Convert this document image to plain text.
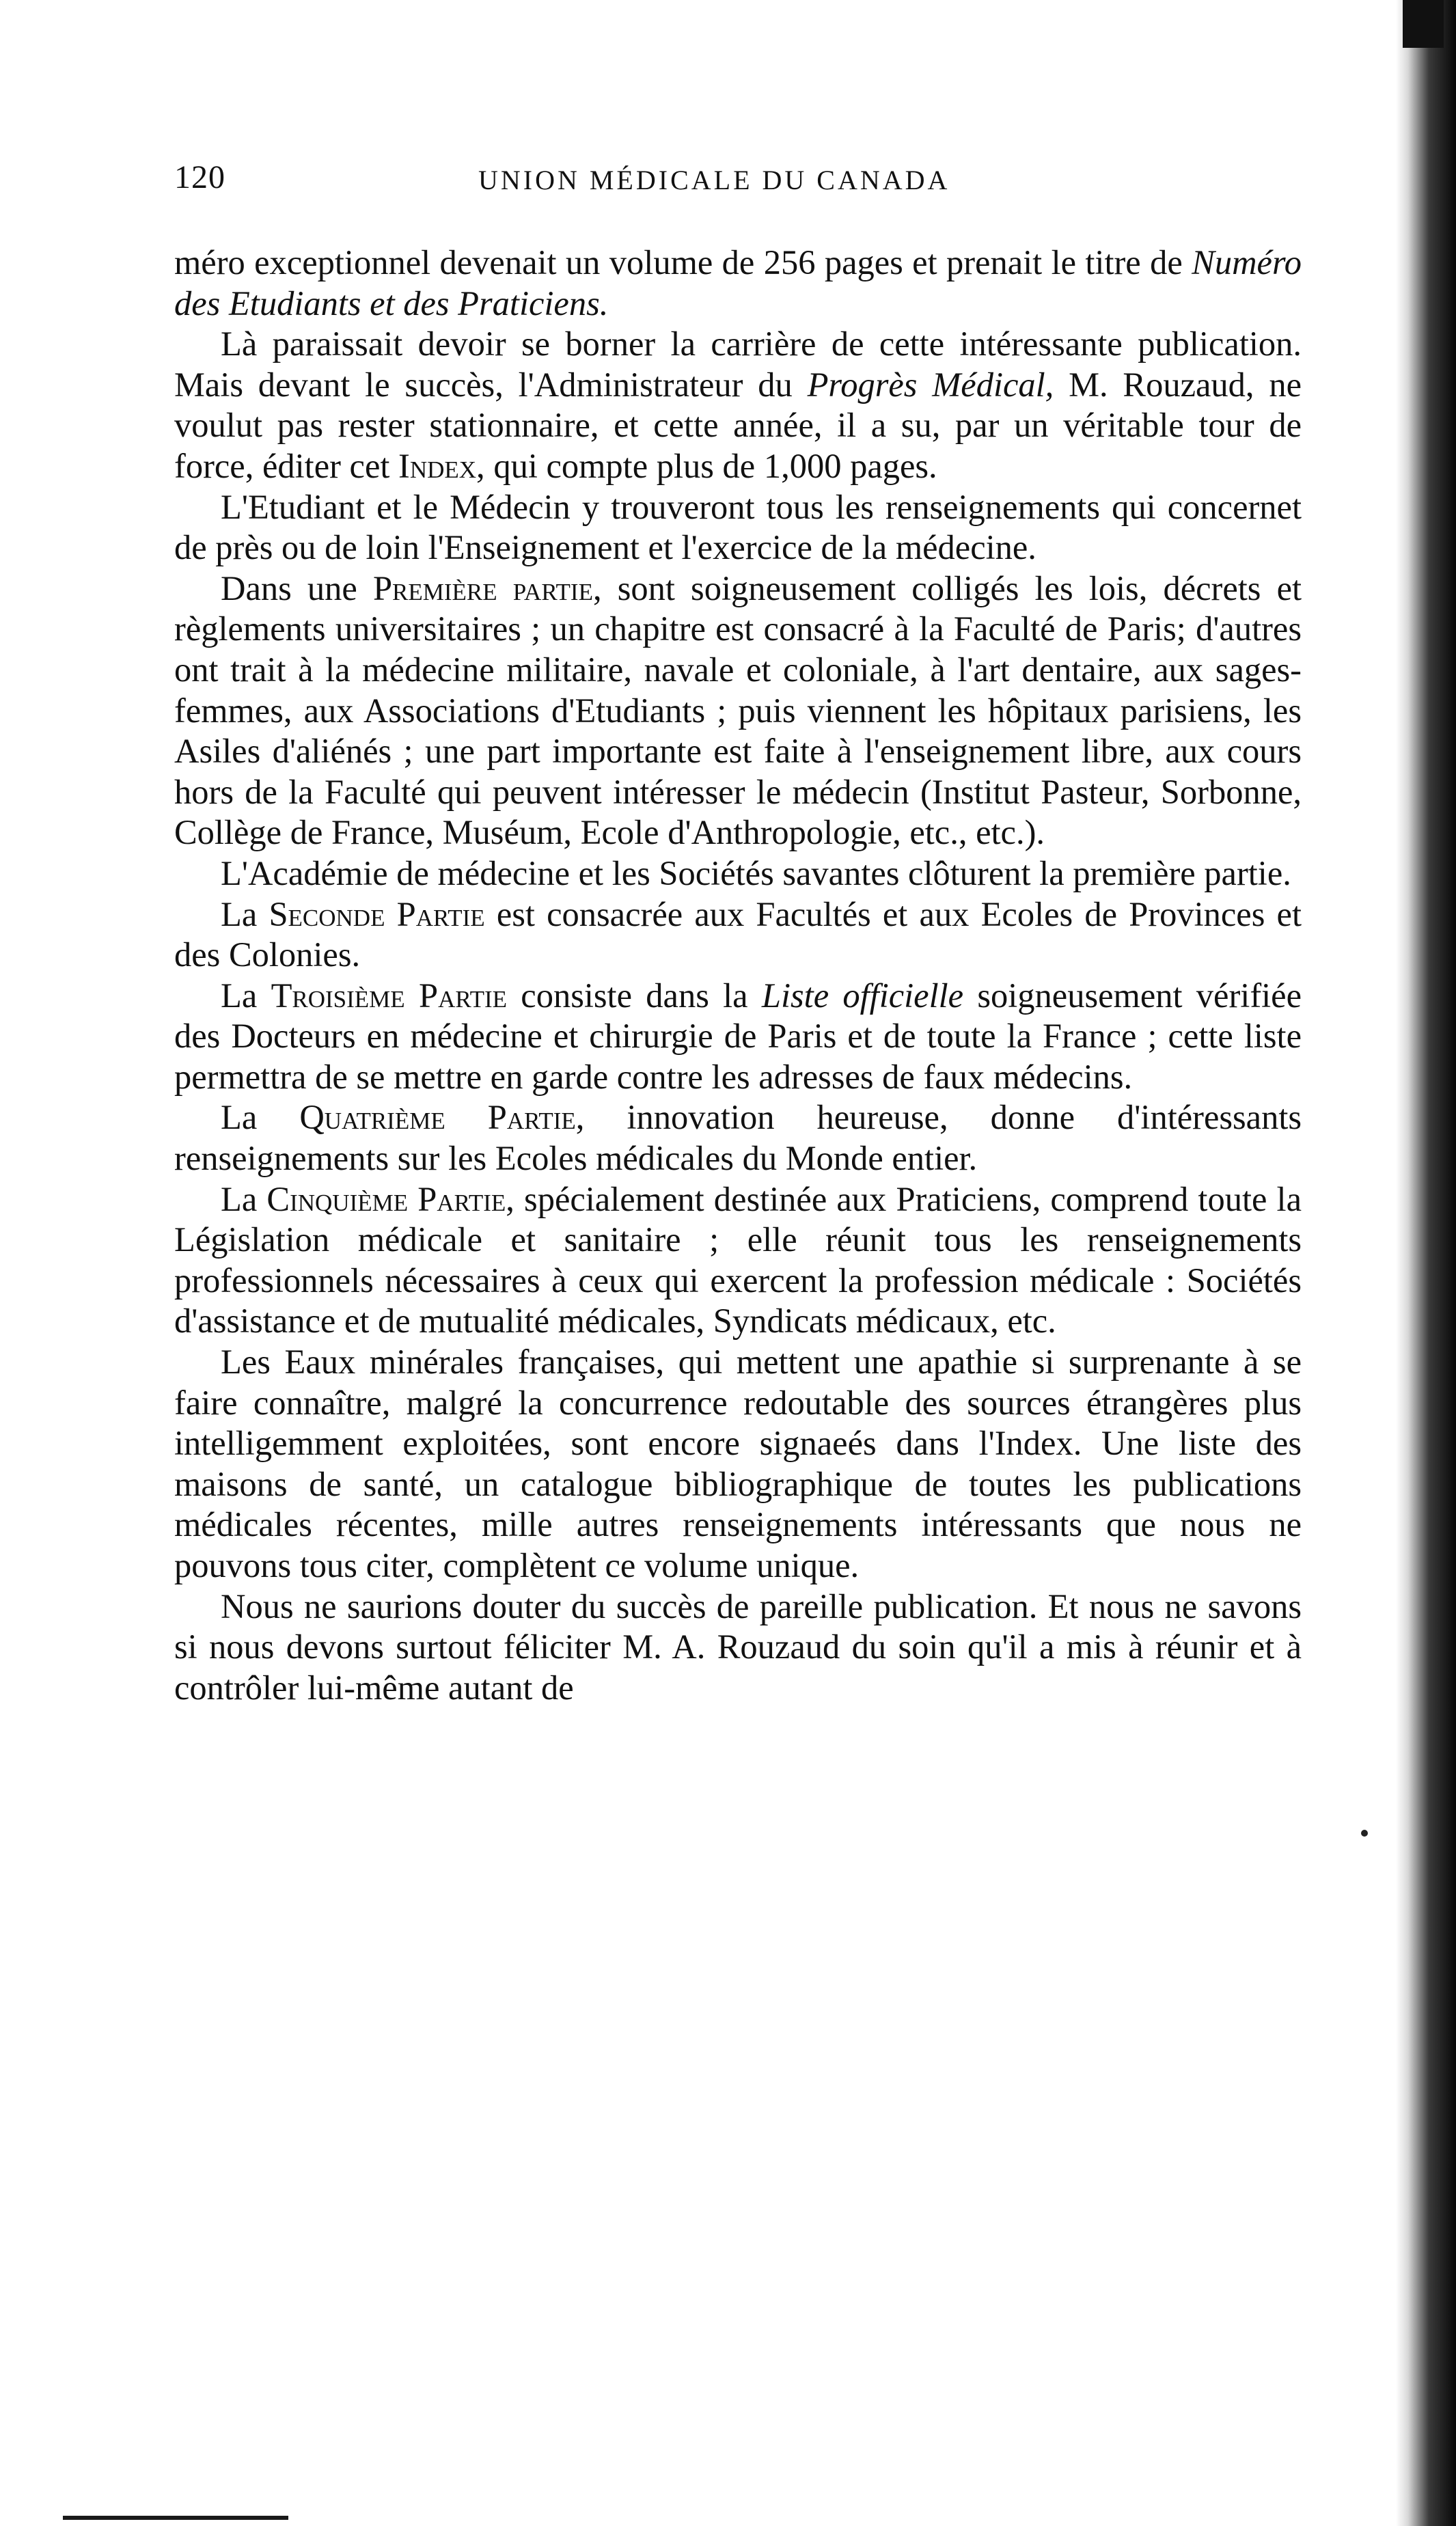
120	UNION MÉDICALE DU CANADA

méro exceptionnel devenait un volume de 256 pages et prenait le titre de Numéro des Etudiants et des Praticiens.

Là paraissait devoir se borner la carrière de cette intéressante publication. Mais devant le succès, l'Administrateur du Progrès Médical, M. Rouzaud, ne voulut pas rester stationnaire, et cette année, il a su, par un véritable tour de force, éditer cet Index, qui compte plus de 1,000 pages.

L'Etudiant et le Médecin y trouveront tous les renseignements qui concernet de près ou de loin l'Enseignement et l'exercice de la médecine.

Dans une Première partie, sont soigneusement colligés les lois, décrets et règlements universitaires ; un chapitre est consacré à la Faculté de Paris; d'autres ont trait à la médecine militaire, navale et coloniale, à l'art dentaire, aux sages-femmes, aux Associations d'Etudiants ; puis viennent les hôpitaux parisiens, les Asiles d'aliénés ; une part importante est faite à l'enseignement libre, aux cours hors de la Faculté qui peuvent intéresser le médecin (Institut Pasteur, Sorbonne, Collège de France, Muséum, Ecole d'Anthropologie, etc., etc.).

L'Académie de médecine et les Sociétés savantes clôturent la première partie.

La Seconde Partie est consacrée aux Facultés et aux Ecoles de Provinces et des Colonies.

La Troisième Partie consiste dans la Liste officielle soigneusement vérifiée des Docteurs en médecine et chirurgie de Paris et de toute la France ; cette liste permettra de se mettre en garde contre les adresses de faux médecins.

La Quatrième Partie, innovation heureuse, donne d'intéressants renseignements sur les Ecoles médicales du Monde entier.

La Cinquième Partie, spécialement destinée aux Praticiens, comprend toute la Législation médicale et sanitaire ; elle réunit tous les renseignements professionnels nécessaires à ceux qui exercent la profession médicale : Sociétés d'assistance et de mutualité médicales, Syndicats médicaux, etc.

Les Eaux minérales françaises, qui mettent une apathie si surprenante à se faire connaître, malgré la concurrence redoutable des sources étrangères plus intelligemment exploitées, sont encore signaeés dans l'Index. Une liste des maisons de santé, un catalogue bibliographique de toutes les publications médicales récentes, mille autres renseignements intéressants que nous ne pouvons tous citer, complètent ce volume unique.

Nous ne saurions douter du succès de pareille publication. Et nous ne savons si nous devons surtout féliciter M. A. Rouzaud du soin qu'il a mis à réunir et à contrôler lui-même autant de
